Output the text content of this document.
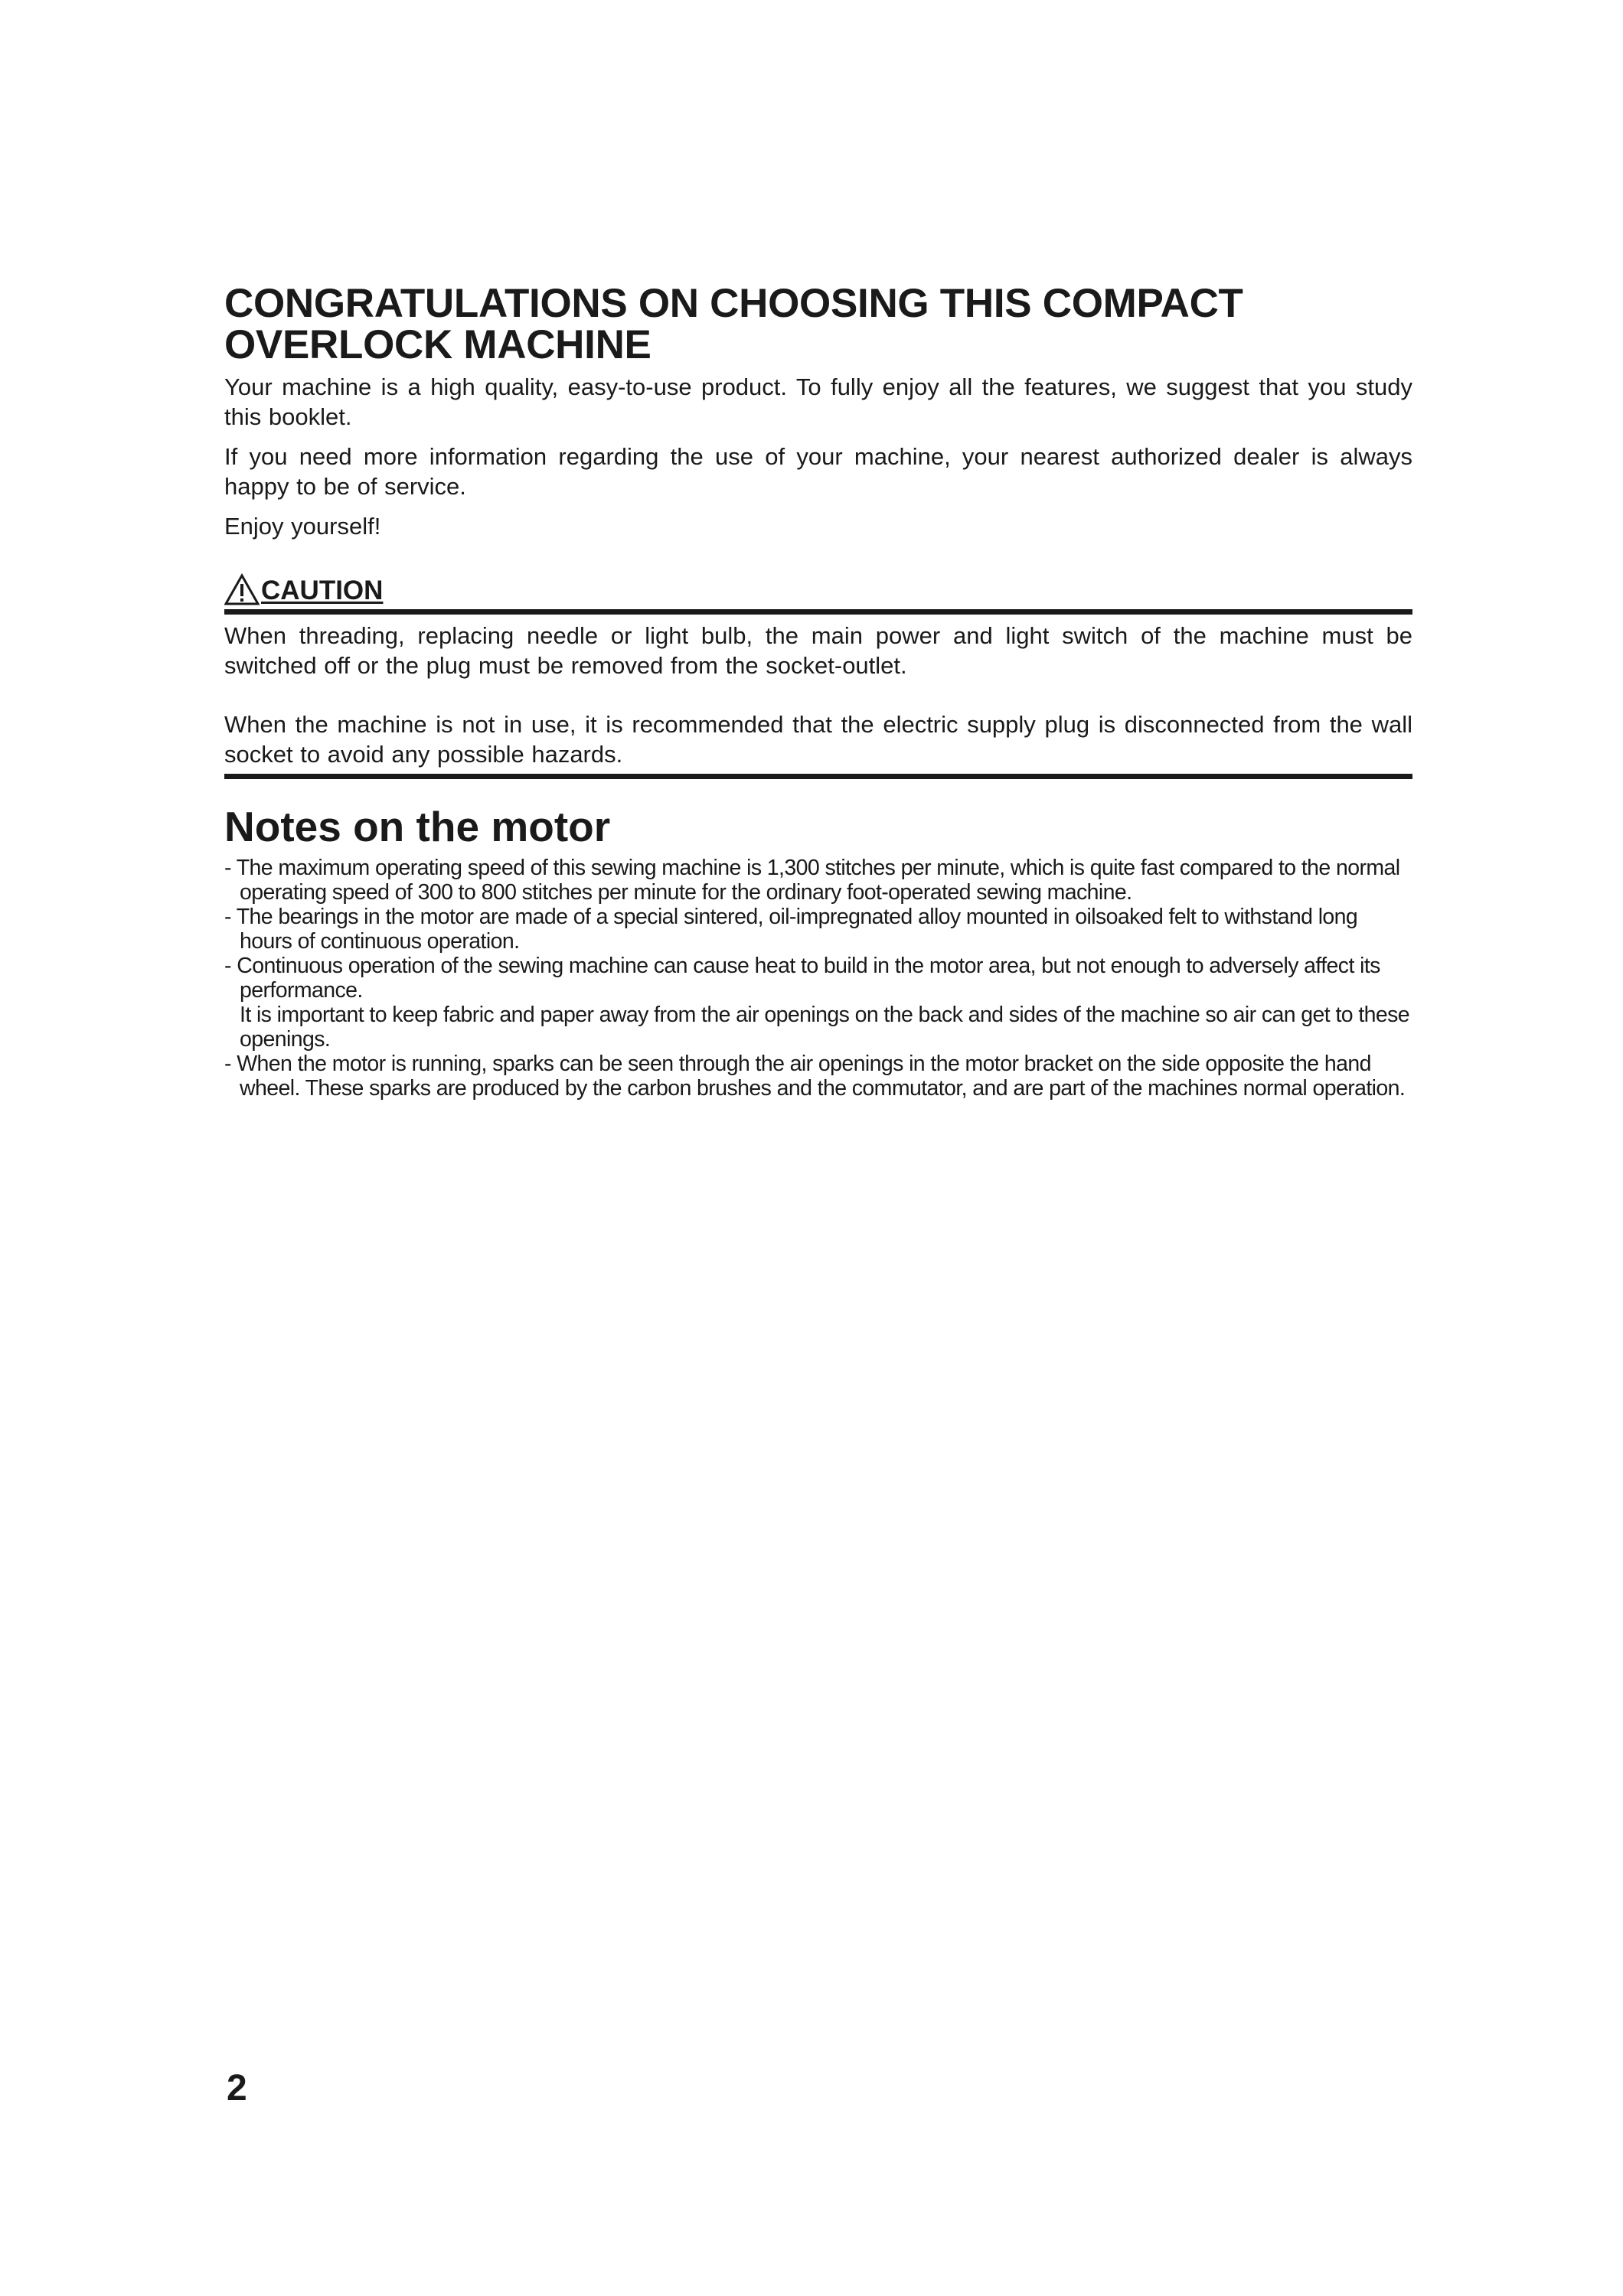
CONGRATULATIONS ON CHOOSING THIS COMPACT OVERLOCK MACHINE

Your machine is a high quality, easy-to-use product. To fully enjoy all the features, we suggest that you study this booklet.

If you need more information regarding the use of your machine, your nearest authorized dealer is always happy to be of service.

Enjoy yourself!

CAUTION

When threading, replacing needle or light bulb, the main power and light switch of the machine must be switched off or the plug must be removed from the socket-outlet.

When the machine is not in use, it is recommended that the electric supply plug is disconnected from the wall socket to avoid any possible hazards.

Notes on the motor
- The maximum operating speed of this sewing machine is 1,300 stitches per minute, which is quite fast compared to the normal operating speed of 300 to 800 stitches per minute for the ordinary foot-operated sewing machine.
- The bearings in the motor are made of a special sintered, oil-impregnated alloy mounted in oilsoaked felt to withstand long hours of continuous operation.
- Continuous operation of the sewing machine can cause heat to build in the motor area, but not enough to adversely affect its performance.
It is important to keep fabric and paper away from the air openings on the back and sides of the machine so air can get to these openings.
- When the motor is running, sparks can be seen through the air openings in the motor bracket on the side opposite the hand wheel. These sparks are produced by the carbon brushes and the commutator, and are part of the machines normal operation.
2
